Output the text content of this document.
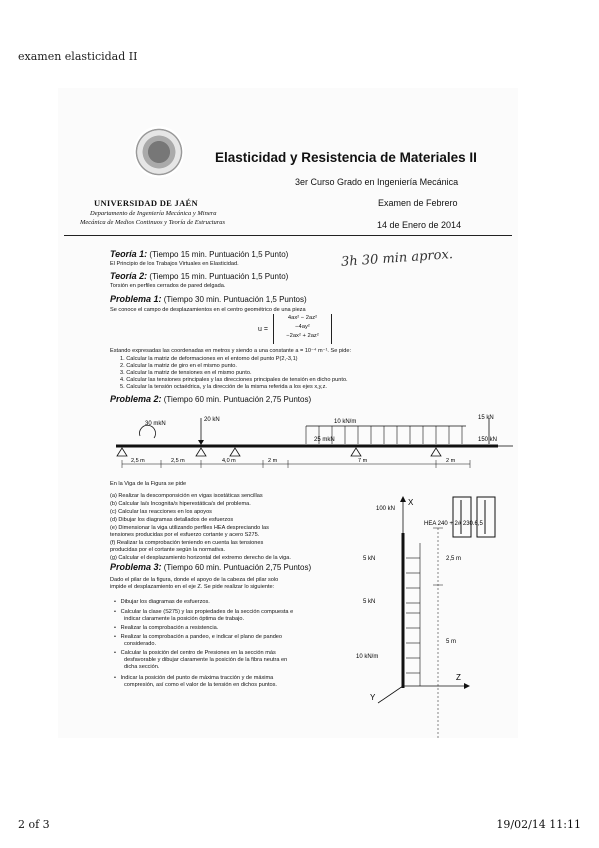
examen elasticidad II
Elasticidad y Resistencia de Materiales II
3er Curso Grado en Ingeniería Mecánica
UNIVERSIDAD DE JAÉN
Departamento de Ingeniería Mecánica y Minera
Mecánica de Medios Continuos y Teoría de Estructuras
Examen de Febrero
14 de Enero de 2014
Teoría 1: (Tiempo 15 min. Puntuación 1,5 Punto)
El Principio de los Trabajos Virtuales en Elasticidad.
Teoría 2: (Tiempo 15 min. Puntuación 1,5 Punto)
Torsión en perfiles cerrados de pared delgada.
3h 30 min aprox.
Problema 1: (Tiempo 30 min. Puntuación 1,5 Puntos)
Se conoce el campo de desplazamientos en el centro geométrico de una pieza
u =
4ax² − 2az²
−4ay²
−2ax² + 2az²
Estando expresadas las coordenadas en metros y siendo a una constante a = 10⁻⁴ m⁻¹. Se pide:
1. Calcular la matriz de deformaciones en el entorno del punto P(2,-3,1)
2. Calcular la matriz de giro en el mismo punto.
3. Calcular la matriz de tensiones en el mismo punto.
4. Calcular las tensiones principales y las direcciones principales de tensión en dicho punto.
5. Calcular la tensión octaédrica, y la dirección de la misma referida a los ejes x,y,z.
Problema 2: (Tiempo 60 min. Puntuación 2,75 Puntos)
30 mkN
20 kN	10 kN/m
25 mkN
15 kN
150 kN
2,5 m	2,5 m	4,0 m	2 m	7 m	2 m
X
100 kN
HEA 240 + 2# 230.6,5
5 kN
5 kN
10 kN/m
2,5 m
5 m
Z
Y
En la Viga de la Figura se pide
(a) Realizar la descomponsición en vigas isostáticas sencillas
(b) Calcular la/s Incognita/s hiperestática/s del problema.
(c) Calcular las reacciones en los apoyos
(d) Dibujar los diagramas detallados de esfuerzos
(e) Dimensionar la viga utilizando perfiles HEA despreciando las
tensiones producidas por el esfuerzo cortante y acero S275.
(f) Realizar la comprobación teniendo en cuenta las tensiones
producidas por el cortante según la normativa.
(g) Calcular el desplazamiento horizontal del extremo derecho de la viga.
Problema 3: (Tiempo 60 min. Puntuación 2,75 Puntos)
Dado el pilar de la figura, donde el apoyo de la cabeza del pilar solo
impide el desplazamiento en el eje Z. Se pide realizar lo siguiente:
•   Dibujar los diagramas de esfuerzos.
•   Calcular la clase (S275) y las propiedades de la sección compuesta e
indicar claramente la posición óptima de trabajo.
•   Realizar la comprobación a resistencia.
•   Realizar la comprobación a pandeo, e indicar el plano de pandeo
considerado.
•   Calcular la posición del centro de Presiones en la sección más
desfavorable y dibujar claramente la posición de la fibra neutra en
dicha sección.
•   Indicar la posición del punto de máxima tracción y de máxima
compresión, así como el valor de la tensión en dichos puntos.
2 of 3	19/02/14 11:11
